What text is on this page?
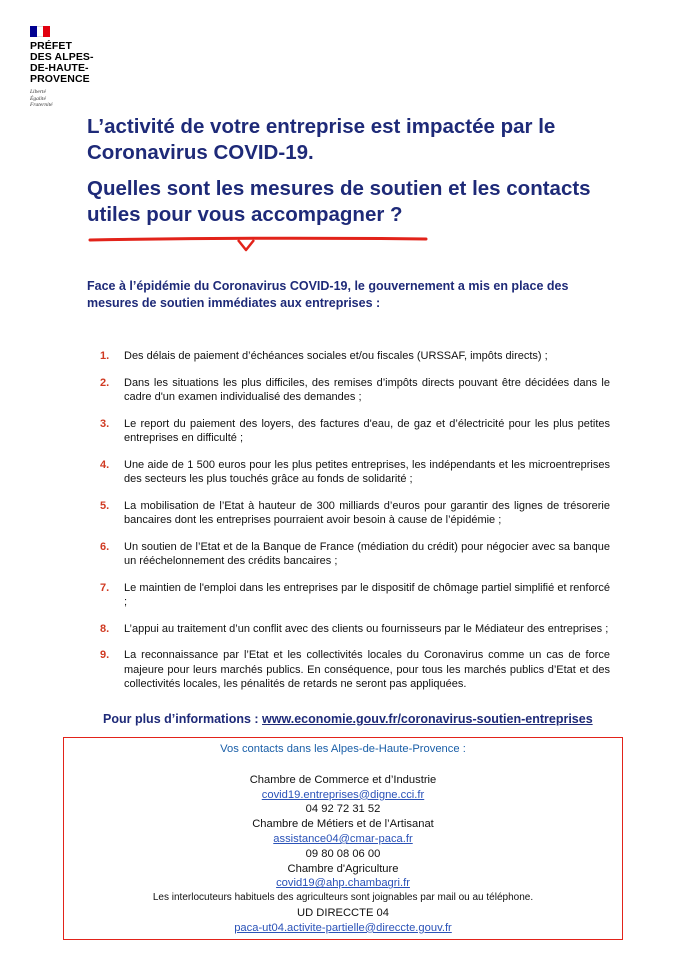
PRÉFET
DES ALPES-
DE-HAUTE-
PROVENCE
Liberté
Égalité
Fraternité
L’activité de votre entreprise est impactée par le Coronavirus COVID-19.
Quelles sont les mesures de soutien et les contacts utiles pour vous accompagner ?
Face à l’épidémie du Coronavirus COVID-19, le gouvernement a mis en place des mesures de soutien immédiates aux entreprises :
1.	Des délais de paiement d’échéances sociales et/ou fiscales (URSSAF, impôts directs) ;
2.	Dans les situations les plus difficiles, des remises d’impôts directs pouvant être décidées dans le cadre d'un examen individualisé des demandes ;
3.	Le report du paiement des loyers, des factures d'eau, de gaz et d’électricité pour les plus petites entreprises en difficulté ;
4.	Une aide de 1 500 euros pour les plus petites entreprises, les indépendants et les microentreprises des secteurs les plus touchés grâce au fonds de solidarité ;
5.	La mobilisation de l’Etat à hauteur de 300 milliards d’euros pour garantir des lignes de trésorerie bancaires dont les entreprises pourraient avoir besoin à cause de l’épidémie ;
6.	Un soutien de l’Etat et de la Banque de France (médiation du crédit) pour négocier avec sa banque un rééchelonnement des crédits bancaires ;
7.	Le maintien de l'emploi dans les entreprises par le dispositif de chômage partiel simplifié et renforcé ;
8.	L’appui au traitement d’un conflit avec des clients ou fournisseurs par le Médiateur des entreprises ;
9.	La reconnaissance par l’Etat et les collectivités locales du Coronavirus comme un cas de force majeure pour leurs marchés publics. En conséquence, pour tous les marchés publics d’Etat et des collectivités locales, les pénalités de retards ne seront pas appliquées.
Pour plus d’informations : www.economie.gouv.fr/coronavirus-soutien-entreprises
Vos contacts dans les Alpes-de-Haute-Provence :
Chambre de Commerce et d’Industrie
covid19.entreprises@digne.cci.fr
04 92 72 31 52
Chambre de Métiers et de l’Artisanat
assistance04@cmar-paca.fr
09 80 08 06 00
Chambre d'Agriculture
covid19@ahp.chambagri.fr
Les interlocuteurs habituels des agriculteurs sont joignables par mail ou au téléphone.
UD DIRECCTE 04
paca-ut04.activite-partielle@direccte.gouv.fr
